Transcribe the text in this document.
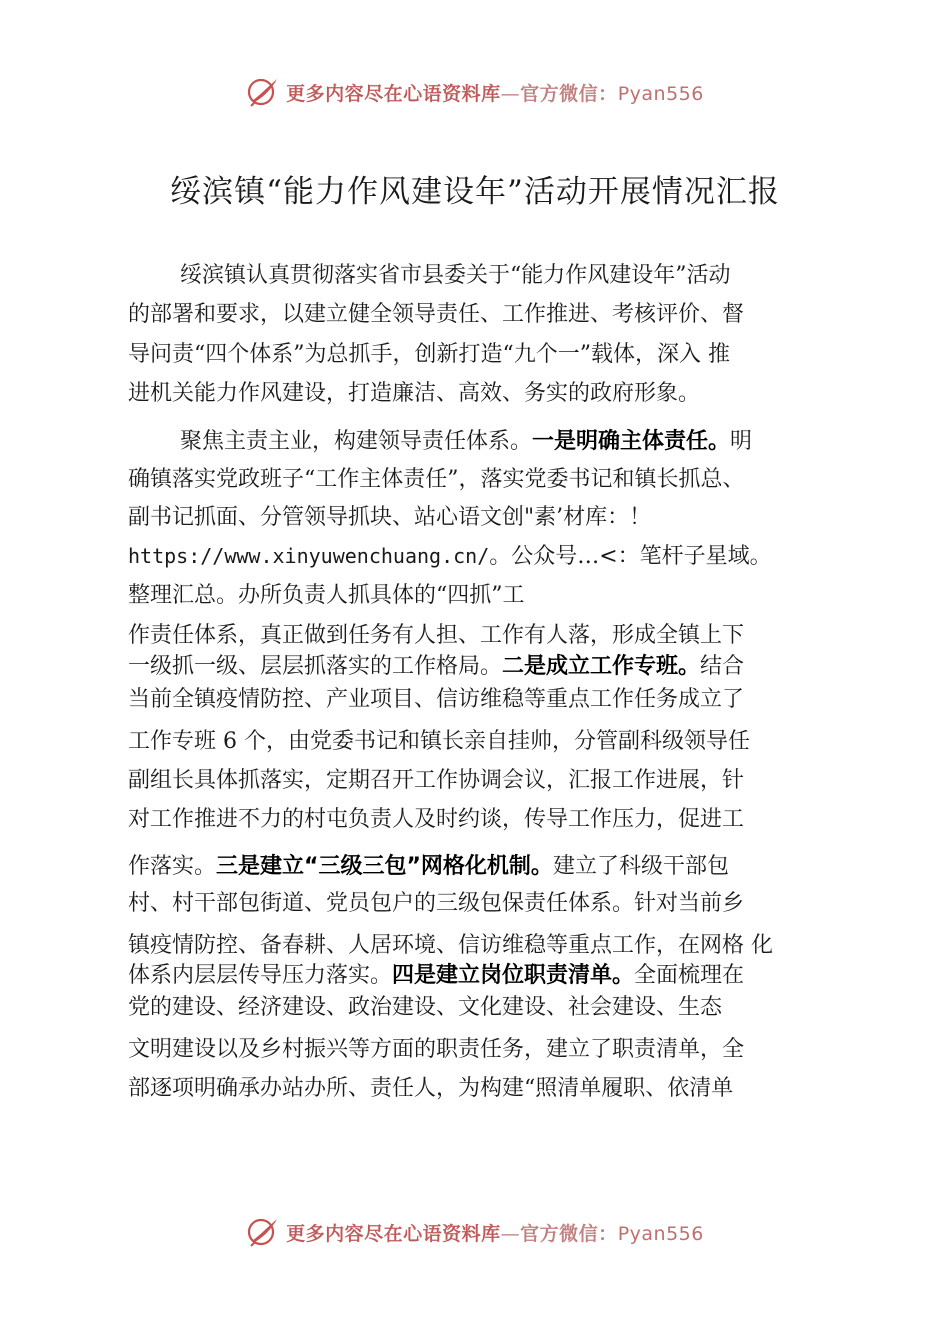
更多内容尽在心语资料库—官方微信：Pyan556
绥滨镇“能力作风建设年”活动开展情况汇报
绥滨镇认真贯彻落实省市县委关于“能力作风建设年”活动
的部署和要求，以建立健全领导责任、工作推进、考核评价、督
导问责“四个体系”为总抓手，创新打造“九个一”载体，深入 推
进机关能力作风建设，打造廉洁、高效、务实的政府形象。
聚焦主责主业，构建领导责任体系。一是明确主体责任。明
确镇落实党政班子“工作主体责任”，落实党委书记和镇长抓总、
副书记抓面、分管领导抓块、站心语文创"素’材库：！
https://www.xinyuwenchuang.cn/。公众号…<：笔杆子星域。
整理汇总。办所负责人抓具体的“四抓”工
作责任体系，真正做到任务有人担、工作有人落，形成全镇上下
一级抓一级、层层抓落实的工作格局。二是成立工作专班。结合
当前全镇疫情防控、产业项目、信访维稳等重点工作任务成立了
工作专班 6 个，由党委书记和镇长亲自挂帅，分管副科级领导任
副组长具体抓落实，定期召开工作协调会议，汇报工作进展，针
对工作推进不力的村屯负责人及时约谈，传导工作压力，促进工
作落实。三是建立“三级三包”网格化机制。建立了科级干部包
村、村干部包街道、党员包户的三级包保责任体系。针对当前乡
镇疫情防控、备春耕、人居环境、信访维稳等重点工作，在网格 化
体系内层层传导压力落实。四是建立岗位职责清单。全面梳理在
党的建设、经济建设、政治建设、文化建设、社会建设、生态
文明建设以及乡村振兴等方面的职责任务，建立了职责清单，全
部逐项明确承办站办所、责任人，为构建“照清单履职、依清单
更多内容尽在心语资料库—官方微信：Pyan556
